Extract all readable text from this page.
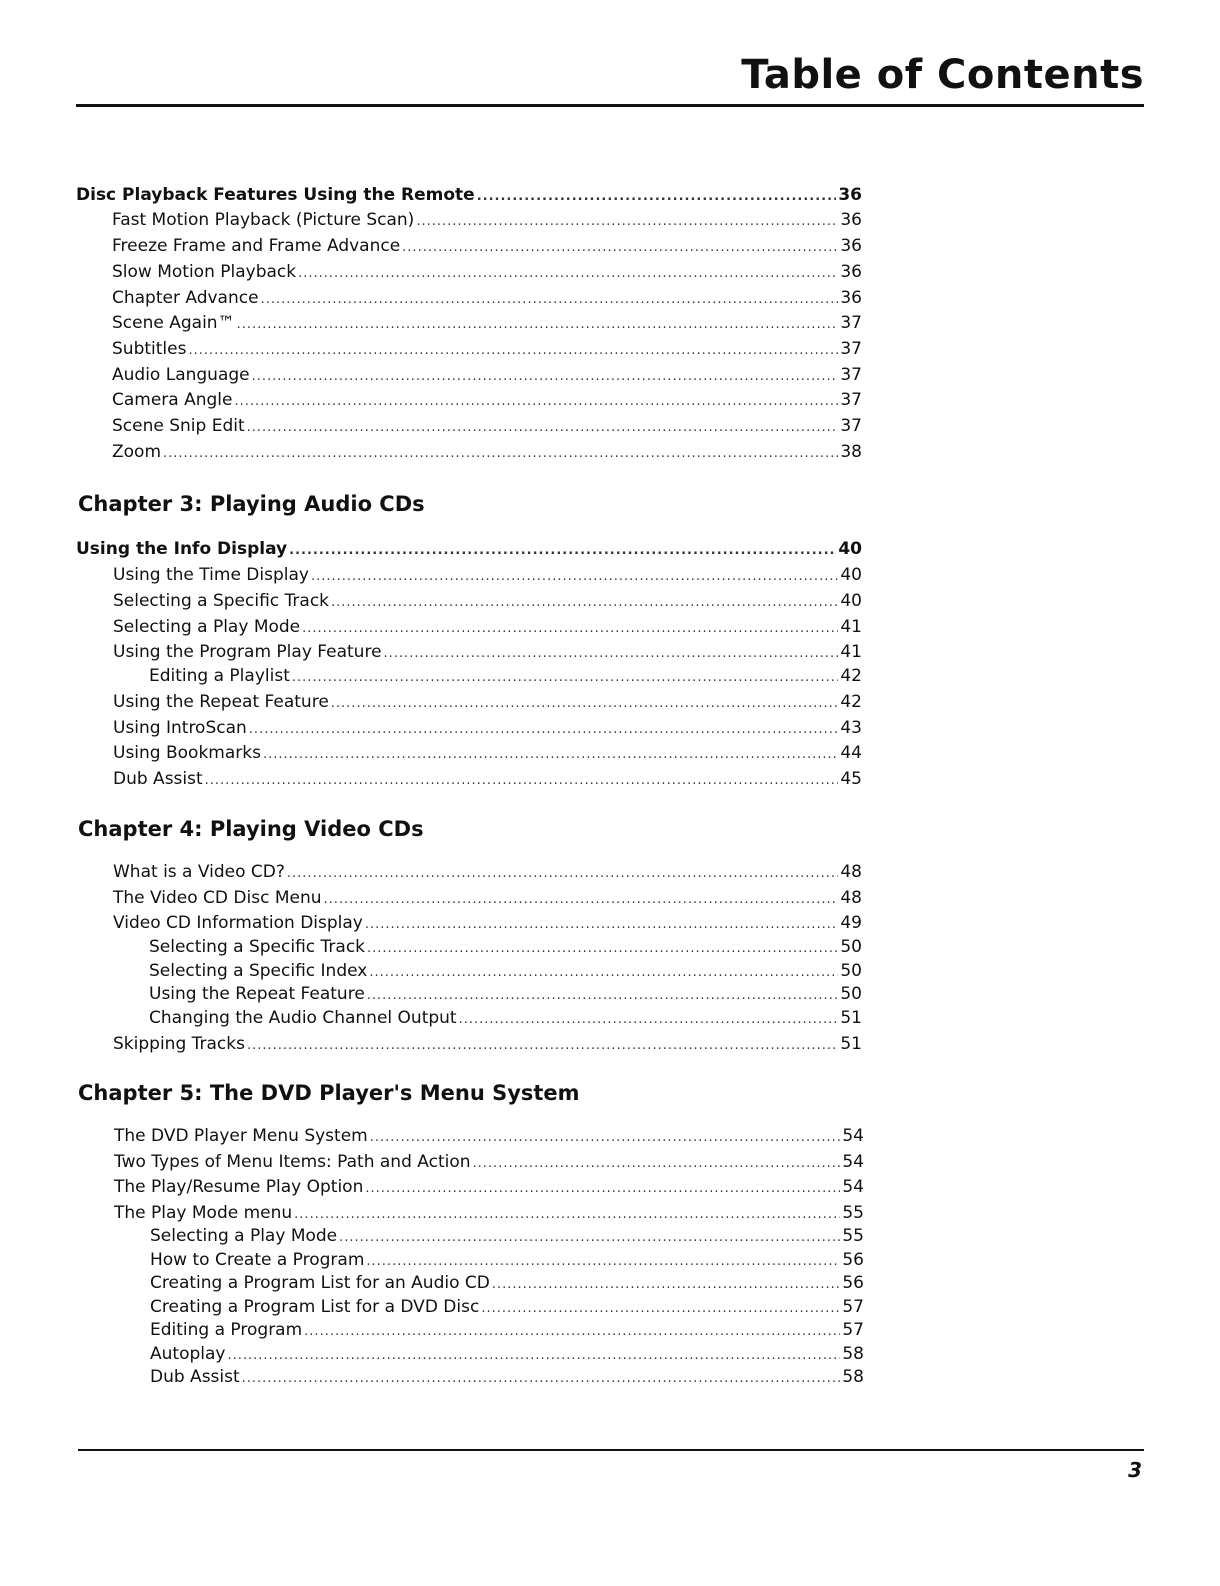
Table of Contents
Disc Playback Features Using the Remote .....	36
Fast Motion Playback (Picture Scan) .....	36
Freeze Frame and Frame Advance .....	36
Slow Motion Playback .....	36
Chapter Advance .....	36
Scene Again™ .....	37
Subtitles .....	37
Audio Language .....	37
Camera Angle .....	37
Scene Snip Edit .....	37
Zoom .....	38
Chapter 3: Playing Audio CDs
Using the Info Display .....	40
Using the Time Display .....	40
Selecting a Specific Track .....	40
Selecting a Play Mode .....	41
Using the Program Play Feature .....	41
Editing a Playlist .....	42
Using the Repeat Feature .....	42
Using IntroScan .....	43
Using Bookmarks .....	44
Dub Assist .....	45
Chapter 4: Playing Video CDs
What is a Video CD? .....	48
The Video CD Disc Menu .....	48
Video CD Information Display .....	49
Selecting a Specific Track .....	50
Selecting a Specific Index .....	50
Using the Repeat Feature .....	50
Changing the Audio Channel Output .....	51
Skipping Tracks .....	51
Chapter 5: The DVD Player's Menu System
The DVD Player Menu System .....	54
Two Types of Menu Items: Path and Action .....	54
The Play/Resume Play Option .....	54
The Play Mode menu .....	55
Selecting a Play Mode .....	55
How to Create a Program .....	56
Creating a Program List for an Audio CD .....	56
Creating a Program List for a DVD Disc .....	57
Editing a Program .....	57
Autoplay .....	58
Dub Assist .....	58
3
